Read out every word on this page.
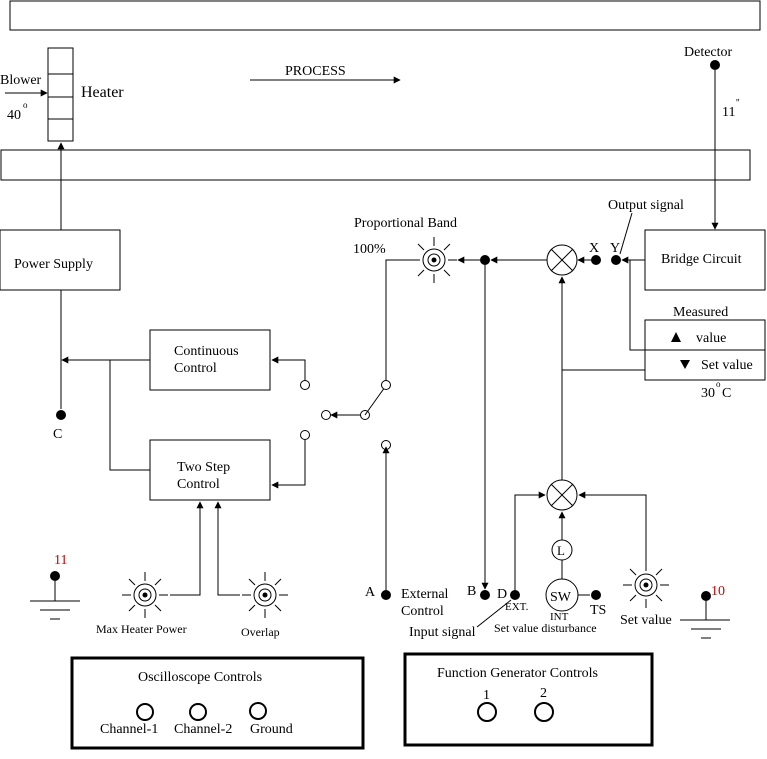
Heater
Blower
40
o
PROCESS
Detector
11
''
Power Supply
C
Continuous
Control
Two Step
Control
Proportional Band
100%	X Y
Output signal
Bridge Circuit
Measured
value
Set value
30
o
C
L
SW
INT TS
Set value
A	B D
EXT.
External
Control
Input signal Set value disturbance
Max Heater Power	Overlap
11
10
Oscilloscope Controls
Channel-1 Channel-2 Ground
Function Generator Controls
1	2
